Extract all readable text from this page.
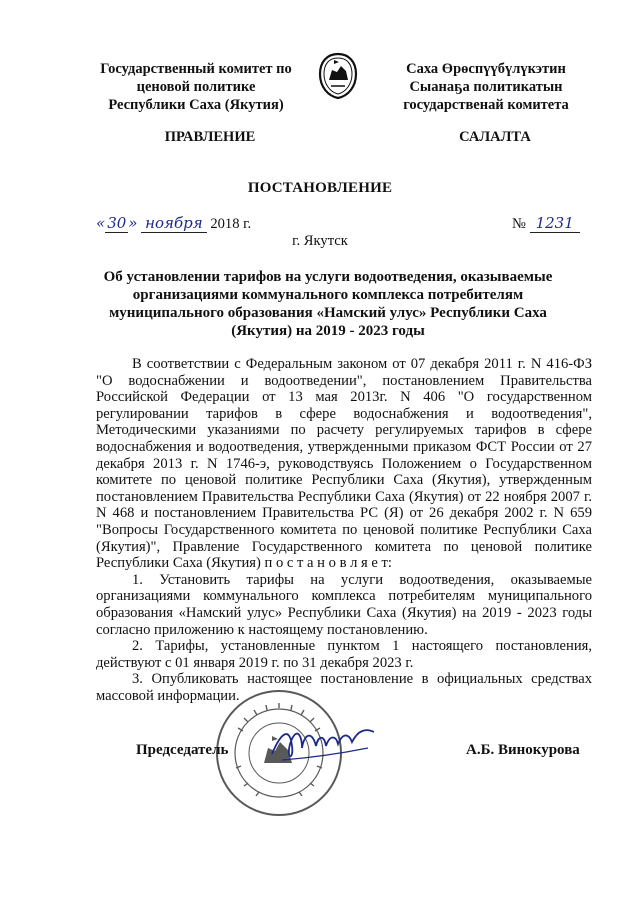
Государственный комитет по
ценовой политике
Республики Саха (Якутия)
Саха Өрөспүүбүлүкэтин
Сыанаҕа политикатын
государственай комитета
ПРАВЛЕНИЕ	САЛАЛТА
ПОСТАНОВЛЕНИЕ
« 30 » ноября 2018 г.	№ 1231
г. Якутск
Об установлении тарифов на услуги водоотведения, оказываемые
организациями коммунального комплекса потребителям
муниципального образования «Намский улус» Республики Саха
(Якутия) на 2019 - 2023 годы

В соответствии с Федеральным законом от 07 декабря 2011 г. N 416-ФЗ "О водоснабжении и водоотведении", постановлением Правительства Российской Федерации от 13 мая 2013г. N 406 "О государственном регулировании тарифов в сфере водоснабжения и водоотведения", Методическими указаниями по расчету регулируемых тарифов в сфере водоснабжения и водоотведения, утвержденными приказом ФСТ России от 27 декабря 2013 г. N 1746-э, руководствуясь Положением о Государственном комитете по ценовой политике Республики Саха (Якутия), утвержденным постановлением Правительства Республики Саха (Якутия) от 22 ноября 2007 г. N 468 и постановлением Правительства РС (Я) от 26 декабря 2002 г. N 659 "Вопросы Государственного комитета по ценовой политике Республики Саха (Якутия)", Правление Государственного комитета по ценовой политике Республики Саха (Якутия) п о с т а н о в л я е т:

1. Установить тарифы на услуги водоотведения, оказываемые организациями коммунального комплекса потребителям муниципального образования «Намский улус» Республики Саха (Якутия) на 2019 - 2023 годы согласно приложению к настоящему постановлению.

2. Тарифы, установленные пунктом 1 настоящего постановления, действуют с 01 января 2019 г. по 31 декабря 2023 г.

3. Опубликовать настоящее постановление в официальных средствах массовой информации.

Председатель	А.Б. Винокурова
